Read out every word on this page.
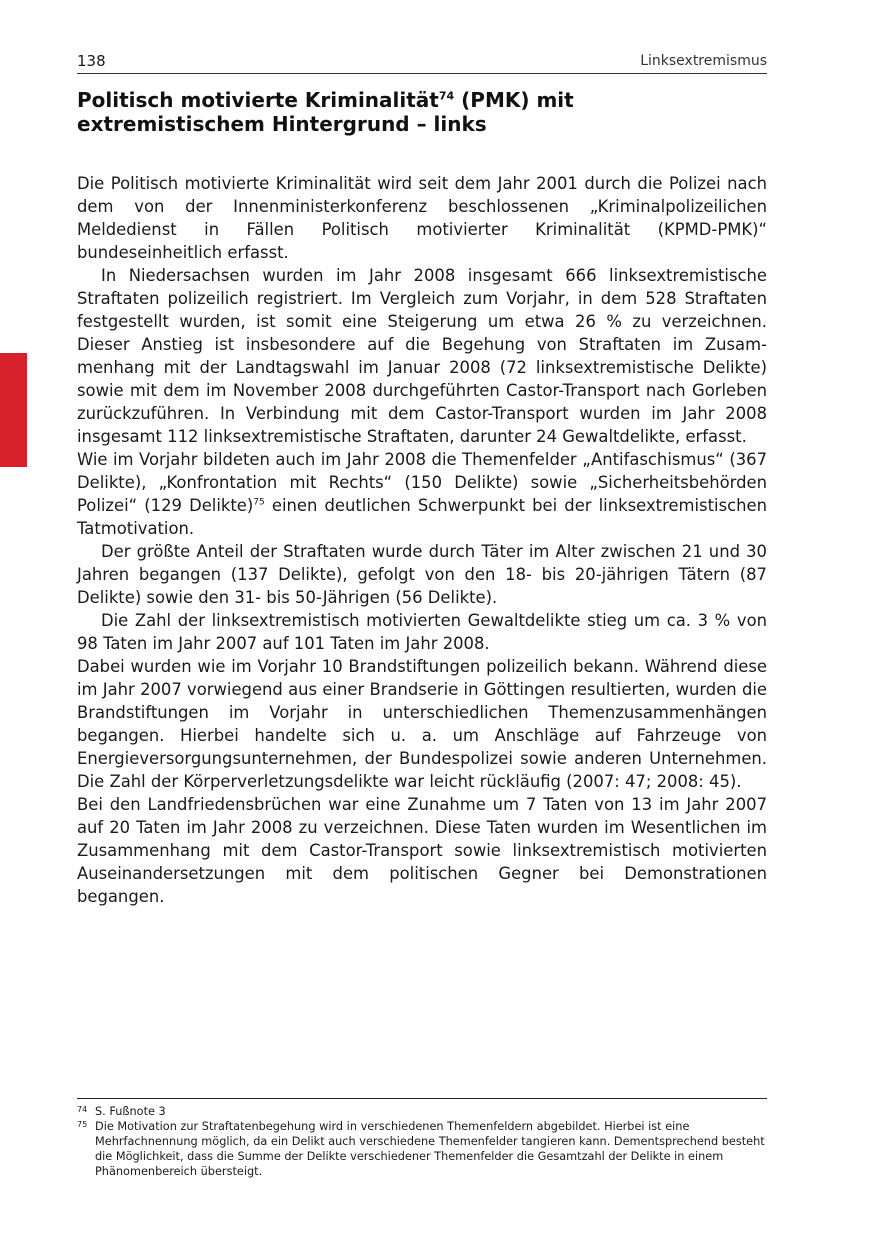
138	Linksextremismus
Politisch motivierte Kriminalität$^{74}$ (PMK) mit extremistischem Hintergrund – links

Die Politisch motivierte Kriminalität wird seit dem Jahr 2001 durch die Polizei nach dem von der Innenministerkonferenz beschlossenen „Kriminalpolizeilichen Meldedienst in Fällen Politisch motivierter Kriminalität (KPMD-PMK)“ bundeseinheitlich erfasst.

In Niedersachsen wurden im Jahr 2008 insgesamt 666 linksextremistische Straftaten polizeilich registriert. Im Vergleich zum Vorjahr, in dem 528 Straftaten festgestellt wurden, ist somit eine Steigerung um etwa 26 % zu verzeichnen. Dieser Anstieg ist insbesondere auf die Begehung von Straftaten im Zusammenhang mit der Landtagswahl im Januar 2008 (72 linksextremistische Delikte) sowie mit dem im November 2008 durchgeführten Castor-Transport nach Gorleben zurückzuführen. In Verbindung mit dem Castor-Transport wurden im Jahr 2008 insgesamt 112 linksextremistische Straftaten, darunter 24 Gewaltdelikte, erfasst.

Wie im Vorjahr bildeten auch im Jahr 2008 die Themenfelder „Antifaschismus“ (367 Delikte), „Konfrontation mit Rechts“ (150 Delikte) sowie „Sicherheitsbehörden Polizei“ (129 Delikte)$^{75}$ einen deutlichen Schwerpunkt bei der linksextremistischen Tatmotivation.

Der größte Anteil der Straftaten wurde durch Täter im Alter zwischen 21 und 30 Jahren begangen (137 Delikte), gefolgt von den 18- bis 20-jährigen Tätern (87 Delikte) sowie den 31- bis 50-Jährigen (56 Delikte).

Die Zahl der linksextremistisch motivierten Gewaltdelikte stieg um ca. 3 % von 98 Taten im Jahr 2007 auf 101 Taten im Jahr 2008.

Dabei wurden wie im Vorjahr 10 Brandstiftungen polizeilich bekann. Während diese im Jahr 2007 vorwiegend aus einer Brandserie in Göttingen resultierten, wurden die Brandstiftungen im Vorjahr in unterschiedlichen Themenzusammenhängen begangen. Hierbei handelte sich u. a. um Anschläge auf Fahrzeuge von Energieversorgungsunternehmen, der Bundespolizei sowie anderen Unternehmen. Die Zahl der Körperverletzungsdelikte war leicht rückläufig (2007: 47; 2008: 45).

Bei den Landfriedensbrüchen war eine Zunahme um 7 Taten von 13 im Jahr 2007 auf 20 Taten im Jahr 2008 zu verzeichnen. Diese Taten wurden im Wesentlichen im Zusammenhang mit dem Castor-Transport sowie linksextremistisch motivierten Auseinandersetzungen mit dem politischen Gegner bei Demonstrationen begangen.

74 S. Fußnote 3
75 Die Motivation zur Straftatenbegehung wird in verschiedenen Themenfeldern abgebildet. Hierbei ist eine Mehrfachnennung möglich, da ein Delikt auch verschiedene Themenfelder tangieren kann. Dementsprechend besteht die Möglichkeit, dass die Summe der Delikte verschiedener Themenfelder die Gesamtzahl der Delikte in einem Phänomenbereich übersteigt.
